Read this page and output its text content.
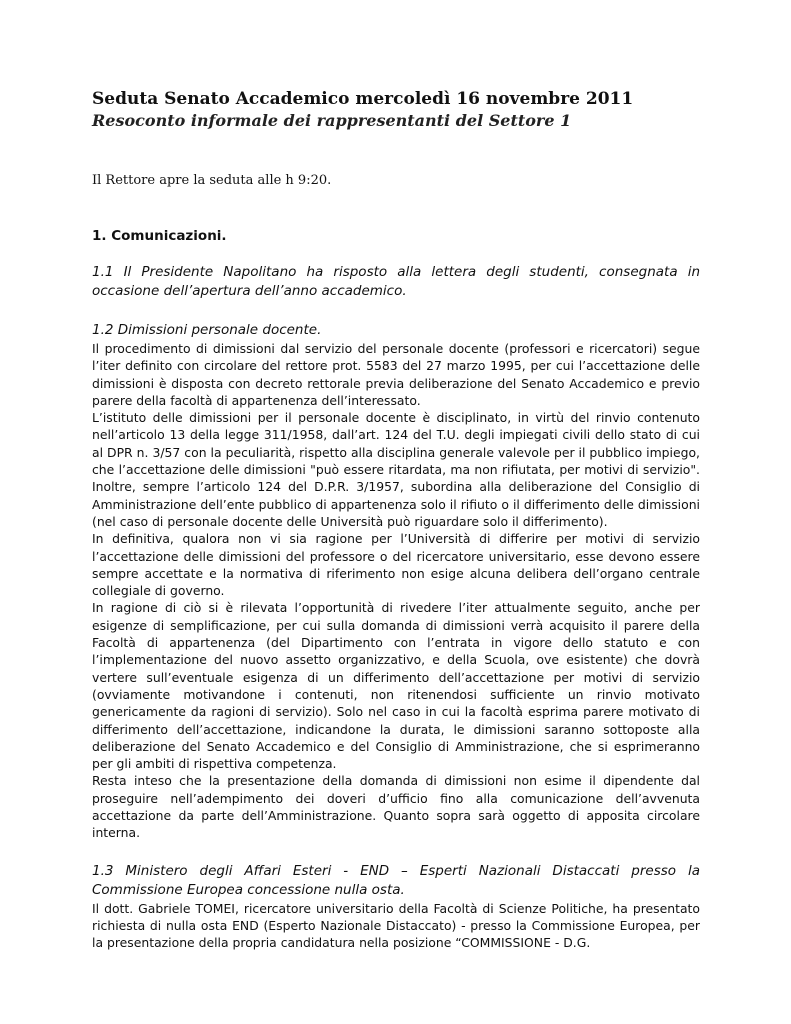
Seduta Senato Accademico mercoledì 16 novembre 2011
Resoconto informale dei rappresentanti del Settore 1

Il Rettore apre la seduta alle h 9:20.

1. Comunicazioni.

1.1 Il Presidente Napolitano ha risposto alla lettera degli studenti, consegnata in occasione dell’apertura dell’anno accademico.

1.2 Dimissioni personale docente.

Il procedimento di dimissioni dal servizio del personale docente (professori e ricercatori) segue l’iter definito con circolare del rettore prot. 5583 del 27 marzo 1995, per cui l’accettazione delle dimissioni è disposta con decreto rettorale previa deliberazione del Senato Accademico e previo parere della facoltà di appartenenza dell’interessato.

L’istituto delle dimissioni per il personale docente è disciplinato, in virtù del rinvio contenuto nell’articolo 13 della legge 311/1958, dall’art. 124 del T.U. degli impiegati civili dello stato di cui al DPR n. 3/57 con la peculiarità, rispetto alla disciplina generale valevole per il pubblico impiego, che l’accettazione delle dimissioni "può essere ritardata, ma non rifiutata, per motivi di servizio". Inoltre, sempre l’articolo 124 del D.P.R. 3/1957, subordina alla deliberazione del Consiglio di Amministrazione dell’ente pubblico di appartenenza solo il rifiuto o il differimento delle dimissioni (nel caso di personale docente delle Università può riguardare solo il differimento).

In definitiva, qualora non vi sia ragione per l’Università di differire per motivi di servizio l’accettazione delle dimissioni del professore o del ricercatore universitario, esse devono essere sempre accettate e la normativa di riferimento non esige alcuna delibera dell’organo centrale collegiale di governo.

In ragione di ciò si è rilevata l’opportunità di rivedere l’iter attualmente seguito, anche per esigenze di semplificazione, per cui sulla domanda di dimissioni verrà acquisito il parere della Facoltà di appartenenza (del Dipartimento con l’entrata in vigore dello statuto e con l’implementazione del nuovo assetto organizzativo, e della Scuola, ove esistente) che dovrà vertere sull’eventuale esigenza di un differimento dell’accettazione per motivi di servizio (ovviamente motivandone i contenuti, non ritenendosi sufficiente un rinvio motivato genericamente da ragioni di servizio). Solo nel caso in cui la facoltà esprima parere motivato di differimento dell’accettazione, indicandone la durata, le dimissioni saranno sottoposte alla deliberazione del Senato Accademico e del Consiglio di Amministrazione, che si esprimeranno per gli ambiti di rispettiva competenza.

Resta inteso che la presentazione della domanda di dimissioni non esime il dipendente dal proseguire nell’adempimento dei doveri d’ufficio fino alla comunicazione dell’avvenuta accettazione da parte dell’Amministrazione. Quanto sopra sarà oggetto di apposita circolare interna.

1.3 Ministero degli Affari Esteri - END – Esperti Nazionali Distaccati presso la Commissione Europea concessione nulla osta.

Il dott. Gabriele TOMEI, ricercatore universitario della Facoltà di Scienze Politiche, ha presentato richiesta di nulla osta END (Esperto Nazionale Distaccato) - presso la Commissione Europea, per la presentazione della propria candidatura nella posizione “COMMISSIONE - D.G.
